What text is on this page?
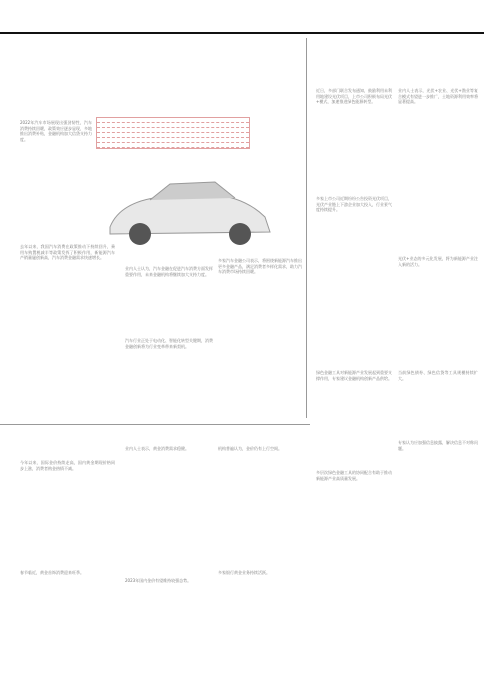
2022年汽车市场展现出强劲韧性，汽车消费持续回暖，政策效应逐步显现，多地推出消费补贴，金融机构加大信贷支持力度。
去年以来，我国汽车消费在政策推动下持续回升，乘用车购置税减半等政策发挥了积极作用，新能源汽车产销量屡创新高，汽车消费金融需求快速增长。
业内人士认为，汽车金融在促进汽车消费方面发挥重要作用，未来金融机构将继续加大支持力度。
汽车行业正处于电动化、智能化转型关键期，消费金融创新将为行业变革带来新契机。
多家汽车金融公司表示，将围绕新能源汽车推出更多金融产品，满足消费者多样化需求，助力汽车消费市场持续回暖。
近日，多部门联合发布通知，鼓励利用未利用地建设光伏项目，上市公司积极布局光伏+模式，加速推进绿色能源转型。
多家上市公司近期纷纷公告投资光伏项目，光伏产业链上下游企业加大投入，行业景气度持续提升。
业内人士表示，光伏+农业、光伏+渔业等复合模式有望进一步推广，土地资源利用效率将显著提高。
光伏+业态的多元化发展，将为新能源产业注入新的活力。
绿色金融工具对新能源产业发展起到重要支撑作用，专家建议金融机构创新产品供给。
当前绿色债券、绿色信贷等工具规模持续扩大。
今年以来，国际金价持续走高，国内黄金期现价格同步上涨，消费者购金热情不减。
业内人士表示，黄金消费需求稳健。	机构普遍认为，金价仍有上行空间。
春节临近，黄金首饰消费迎来旺季。
2023年国内金价有望维持较强态势。
多家银行黄金业务持续活跃。
多层次绿色金融工具的协同配合有助于推动新能源产业高质量发展。
专家认为应加强信息披露，解决信息不对称问题。
